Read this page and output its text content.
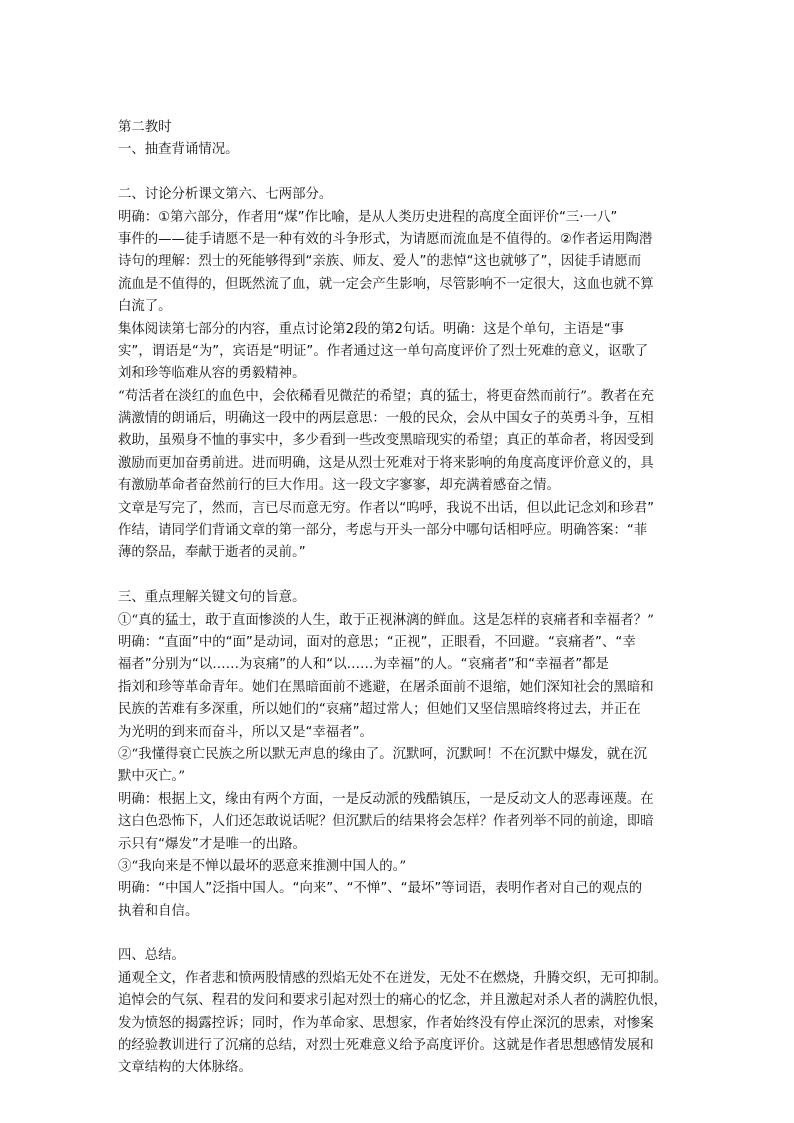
第二教时
一、抽查背诵情况。
二、讨论分析课文第六、七两部分。
明确：①第六部分，作者用“煤”作比喻，是从人类历史进程的高度全面评价“三·一八”
事件的——徒手请愿不是一种有效的斗争形式，为请愿而流血是不值得的。②作者运用陶潜
诗句的理解：烈士的死能够得到“亲族、师友、爱人”的悲悼“这也就够了”，因徒手请愿而
流血是不值得的，但既然流了血，就一定会产生影响，尽管影响不一定很大，这血也就不算
白流了。
集体阅读第七部分的内容，重点讨论第2段的第2句话。明确：这是个单句，主语是“事
实”，谓语是“为”，宾语是“明证”。作者通过这一单句高度评价了烈士死难的意义，讴歌了
刘和珍等临难从容的勇毅精神。
“苟活者在淡红的血色中，会依稀看见微茫的希望；真的猛士，将更奋然而前行”。教者在充
满激情的朗诵后，明确这一段中的两层意思：一般的民众，会从中国女子的英勇斗争，互相
救助，虽殒身不恤的事实中，多少看到一些改变黑暗现实的希望；真正的革命者，将因受到
激励而更加奋勇前进。进而明确，这是从烈士死难对于将来影响的角度高度评价意义的，具
有激励革命者奋然前行的巨大作用。这一段文字寥寥，却充满着感奋之情。
文章是写完了，然而，言已尽而意无穷。作者以“呜呼，我说不出话，但以此记念刘和珍君”
作结，请同学们背诵文章的第一部分，考虑与开头一部分中哪句话相呼应。明确答案：“菲
薄的祭品，奉献于逝者的灵前。”
三、重点理解关键文句的旨意。
①“真的猛士，敢于直面惨淡的人生，敢于正视淋漓的鲜血。这是怎样的哀痛者和幸福者？”
明确：“直面”中的“面”是动词，面对的意思；“正视”，正眼看，不回避。“哀痛者”、“幸
福者”分别为“以……为哀痛”的人和“以……为幸福”的人。“哀痛者”和“幸福者”都是
指刘和珍等革命青年。她们在黑暗面前不逃避，在屠杀面前不退缩，她们深知社会的黑暗和
民族的苦难有多深重，所以她们的“哀痛”超过常人；但她们又坚信黑暗终将过去，并正在
为光明的到来而奋斗，所以又是“幸福者”。
②“我懂得衰亡民族之所以默无声息的缘由了。沉默呵，沉默呵！不在沉默中爆发，就在沉
默中灭亡。”
明确：根据上文，缘由有两个方面，一是反动派的残酷镇压，一是反动文人的恶毒诬蔑。在
这白色恐怖下，人们还怎敢说话呢？但沉默后的结果将会怎样？作者列举不同的前途，即暗
示只有“爆发”才是唯一的出路。
③“我向来是不惮以最坏的恶意来推测中国人的。”
明确：“中国人”泛指中国人。“向来”、“不惮”、“最坏”等词语，表明作者对自己的观点的
执着和自信。
四、总结。
通观全文，作者悲和愤两股情感的烈焰无处不在迸发，无处不在燃烧，升腾交织，无可抑制。
追悼会的气氛、程君的发问和要求引起对烈士的痛心的忆念，并且激起对杀人者的满腔仇恨，
发为愤怒的揭露控诉；同时，作为革命家、思想家，作者始终没有停止深沉的思索，对惨案
的经验教训进行了沉痛的总结，对烈士死难意义给予高度评价。这就是作者思想感情发展和
文章结构的大体脉络。
